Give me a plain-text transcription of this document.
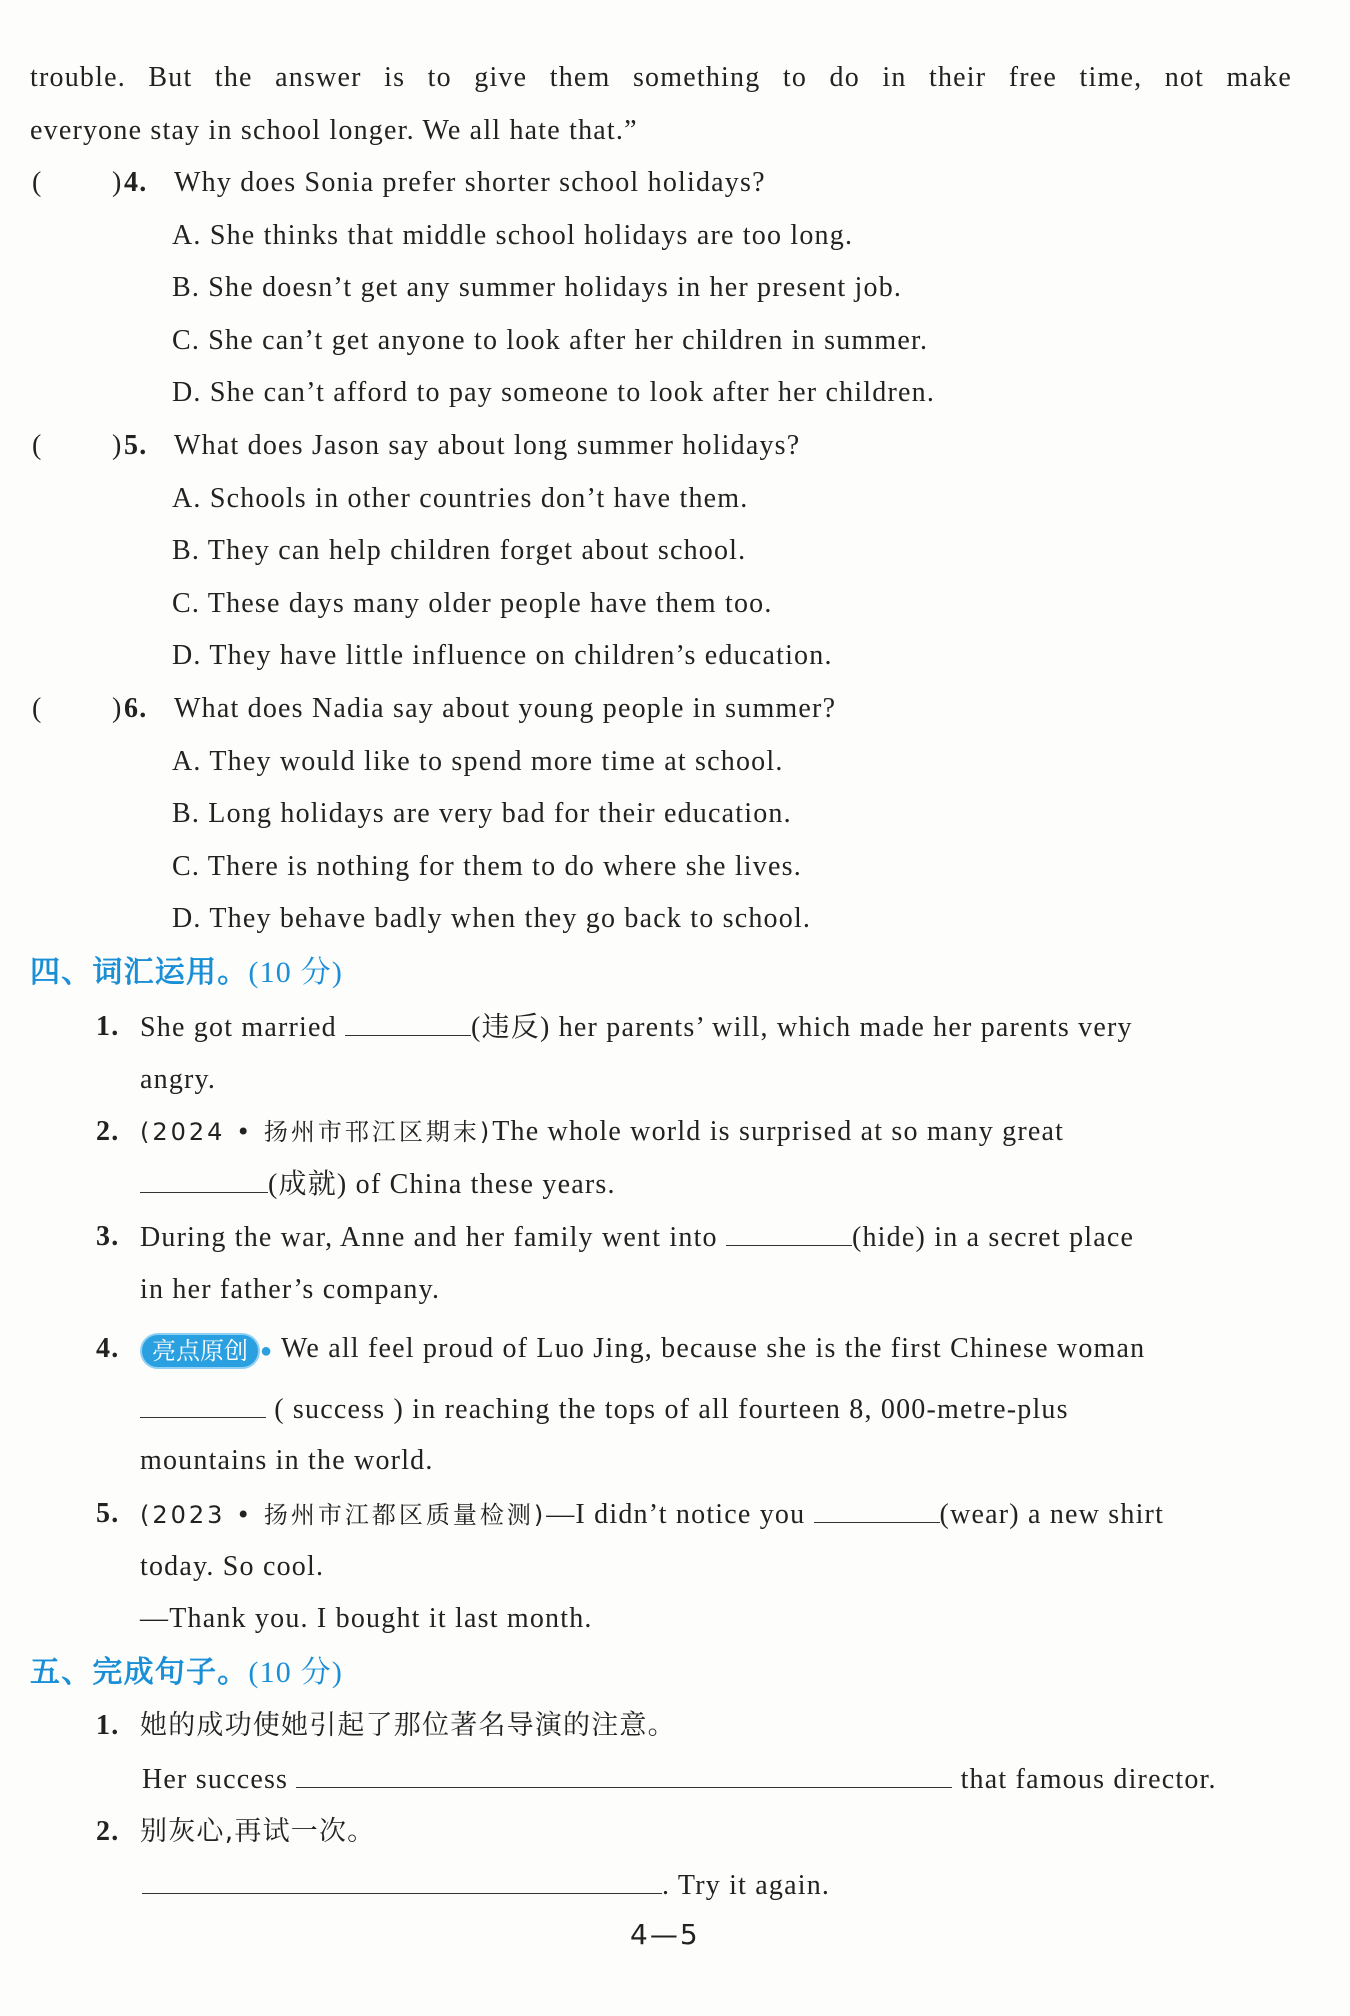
trouble. But the answer is to give them something to do in their free time, not make
everyone stay in school longer. We all hate that.”
( ) 4. Why does Sonia prefer shorter school holidays?
A. She thinks that middle school holidays are too long.
B. She doesn’t get any summer holidays in her present job.
C. She can’t get anyone to look after her children in summer.
D. She can’t afford to pay someone to look after her children.
( ) 5. What does Jason say about long summer holidays?
A. Schools in other countries don’t have them.
B. They can help children forget about school.
C. These days many older people have them too.
D. They have little influence on children’s education.
( ) 6. What does Nadia say about young people in summer?
A. They would like to spend more time at school.
B. Long holidays are very bad for their education.
C. There is nothing for them to do where she lives.
D. They behave badly when they go back to school.
四、词汇运用。(10 分)
1. She got married	(违反) her parents’ will, which made her parents very
angry.
2. (2024 • 扬州市邗江区期末)The whole world is surprised at so many great
(成就) of China these years.
3. During the war, Anne and her family went into	(hide) in a secret place
in her father’s company.
4.	亮点原创 ● We all feel proud of Luo Jing, because she is the first Chinese woman
( success ) in reaching the tops of all fourteen 8, 000-metre-plus
mountains in the world.
5. (2023 • 扬州市江都区质量检测)—I didn’t notice you	(wear) a new shirt
today. So cool.
—Thank you. I bought it last month.
五、完成句子。(10 分)
1. 她的成功使她引起了那位著名导演的注意。
Her success	that famous director.
2. 别灰心,再试一次。
. Try it again.
4—5
